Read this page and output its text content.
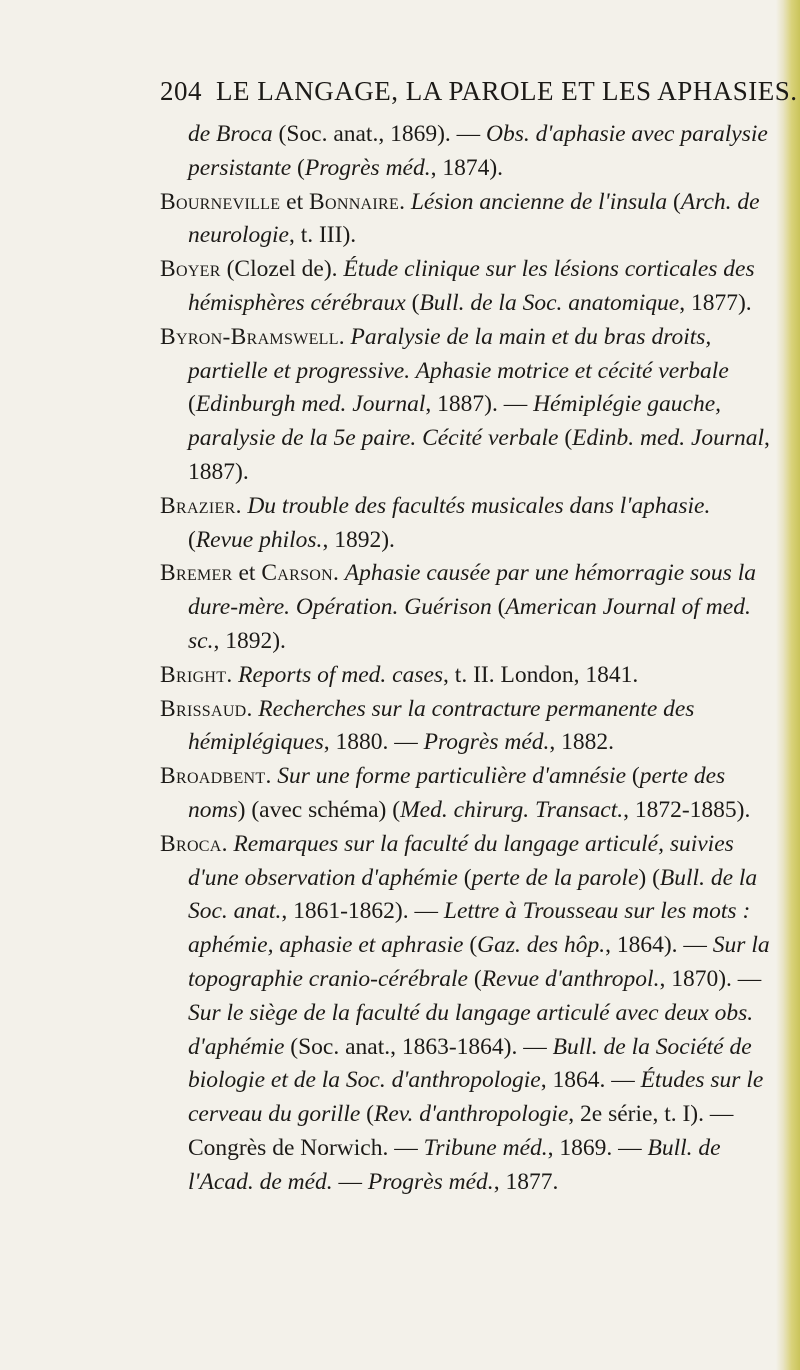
204 LE LANGAGE, LA PAROLE ET LES APHASIES.

de Broca (Soc. anat., 1869). — Obs. d'aphasie avec paralysie persistante (Progrès méd., 1874).

Bourneville et Bonnaire. Lésion ancienne de l'insula (Arch. de neurologie, t. III).

Boyer (Clozel de). Étude clinique sur les lésions corticales des hémisphères cérébraux (Bull. de la Soc. anatomique, 1877).

Byron-Bramswell. Paralysie de la main et du bras droits, partielle et progressive. Aphasie motrice et cécité verbale (Edinburgh med. Journal, 1887). — Hémiplégie gauche, paralysie de la 5e paire. Cécité verbale (Edinb. med. Journal, 1887).

Brazier. Du trouble des facultés musicales dans l'aphasie. (Revue philos., 1892).

Bremer et Carson. Aphasie causée par une hémorragie sous la dure-mère. Opération. Guérison (American Journal of med. sc., 1892).

Bright. Reports of med. cases, t. II. London, 1841.

Brissaud. Recherches sur la contracture permanente des hémiplégiques, 1880. — Progrès méd., 1882.

Broadbent. Sur une forme particulière d'amnésie (perte des noms) (avec schéma) (Med. chirurg. Transact., 1872-1885).

Broca. Remarques sur la faculté du langage articulé, suivies d'une observation d'aphémie (perte de la parole) (Bull. de la Soc. anat., 1861-1862). — Lettre à Trousseau sur les mots : aphémie, aphasie et aphrasie (Gaz. des hôp., 1864). — Sur la topographie cranio-cérébrale (Revue d'anthropol., 1870). — Sur le siège de la faculté du langage articulé avec deux obs. d'aphémie (Soc. anat., 1863-1864). — Bull. de la Société de biologie et de la Soc. d'anthropologie, 1864. — Études sur le cerveau du gorille (Rev. d'anthropologie, 2e série, t. I). — Congrès de Norwich. — Tribune méd., 1869. — Bull. de l'Acad. de méd. — Progrès méd., 1877.
